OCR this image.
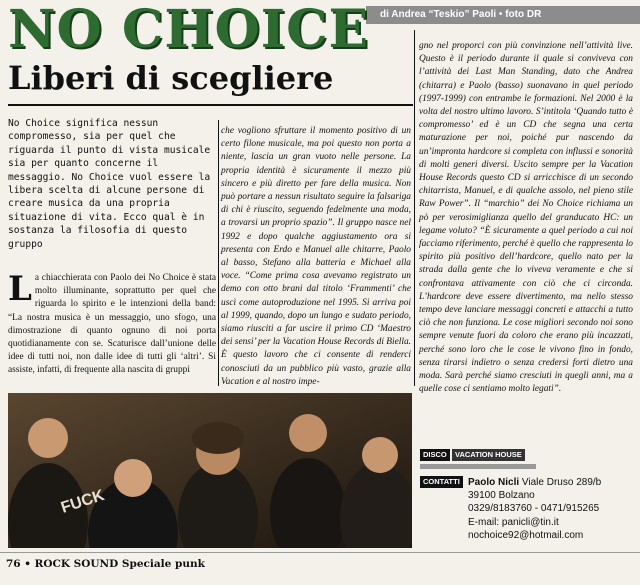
di Andrea “Teskio” Paoli • foto DR
NO CHOICE
Liberi di scegliere
No Choice significa nessun compromesso, sia per quel che riguarda il punto di vista musicale sia per quanto concerne il messaggio. No Choice vuol essere la libera scelta di alcune persone di creare musica da una propria situazione di vita. Ecco qual è in sostanza la filosofia di questo gruppo
L a chiacchierata con Paolo dei No Choice è stata molto illuminante, soprattutto per quel che riguarda lo spirito e le intenzioni della band: “La nostra musica è un messaggio, uno sfogo, una dimostrazione di quanto ognuno di noi porta quotidianamente con se. Scaturisce dall’unione delle idee di tutti noi, non dalle idee di tutti gli ‘altri’. Si assiste, infatti, di frequente alla nascita di gruppi
che vogliono sfruttare il momento positivo di un certo filone musicale, ma poi questo non porta a niente, lascia un gran vuoto nelle persone. La propria identità è sicuramente il mezzo più sincero e più diretto per fare della musica. Non può portare a nessun risultato seguire la falsariga di chi è riuscito, seguendo fedelmente una moda, a trovarsi un proprio spazio”. Il gruppo nasce nel 1992 e dopo qualche aggiustamento ora si presenta con Erdo e Manuel alle chitarre, Paolo al basso, Stefano alla batteria e Michael alla voce. “Come prima cosa avevamo registrato un demo con otto brani dal titolo ‘Frammenti’ che uscì come autoproduzione nel 1995. Si arriva poi al 1999, quando, dopo un lungo e sudato periodo, siamo riusciti a far uscire il primo CD ‘Maestro dei sensi’ per la Vacation House Records di Biella. È questo lavoro che ci consente di renderci conosciuti da un pubblico più vasto, grazie alla Vacation e al nostro impe-
gno nel proporci con più convinzione nell’attività live. Questo è il periodo durante il quale si conviveva con l’attività dei Last Man Standing, dato che Andrea (chitarra) e Paolo (basso) suonavano in quel periodo (1997-1999) con entrambe le formazioni. Nel 2000 è la volta del nostro ultimo lavoro. S’intitola ‘Quando tutto è compromesso’ ed è un CD che segna una certa maturazione per noi, poiché pur nascendo da un’impronta hardcore si completa con influssi e sonorità di molti generi diversi. Uscito sempre per la Vacation House Records questo CD si arricchisce di un secondo chitarrista, Manuel, e di qualche assolo, nel pieno stile Raw Power”. Il “marchio” dei No Choice richiama un pò per verosimiglianza quello del granducato HC: un legame voluto? “È sicuramente a quel periodo a cui noi facciamo riferimento, perché è quello che rappresenta lo spirito più positivo dell’hardcore, quello nato per la strada dalla gente che lo viveva veramente e che si confrontava attivamente con ciò che ci circonda. L’hardcore deve essere divertimento, ma nello stesso tempo deve lanciare messaggi concreti e attacchi a tutto ciò che non funziona. Le cose migliori secondo noi sono sempre venute fuori da coloro che erano più incazzati, perché sono loro che le cose le vivono fino in fondo, senza tirarsi indietro o senza credersi forti dietro una moda. Sarà perché siamo cresciuti in quegli anni, ma a quelle cose ci sentiamo molto legati”.
FUCK
DISCO	VACATION HOUSE
CONTATTI Paolo Nicli Viale Druso 289/b
39100 Bolzano
0329/8183760 - 0471/915265
E-mail: panicli@tin.it
nochoice92@hotmail.com
76 • ROCK SOUND Speciale punk
